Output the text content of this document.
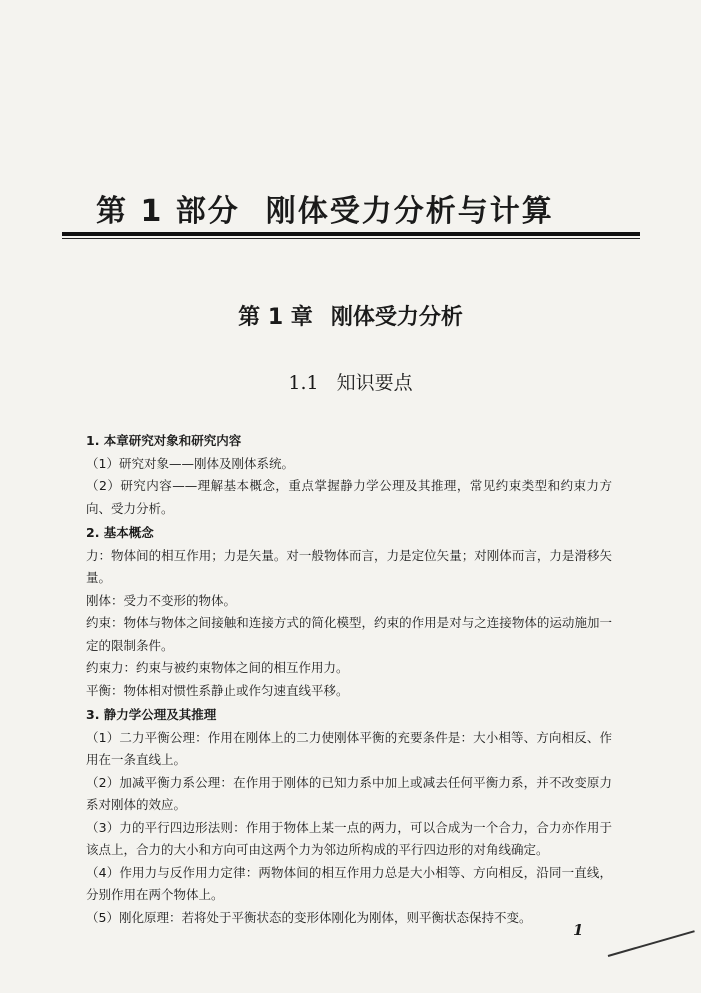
第 1 部分 刚体受力分析与计算
第 1 章 刚体受力分析
1.1 知识要点
1. 本章研究对象和研究内容
（1）研究对象——刚体及刚体系统。
（2）研究内容——理解基本概念，重点掌握静力学公理及其推理，常见约束类型和约束力方向、受力分析。
2. 基本概念
力：物体间的相互作用；力是矢量。对一般物体而言，力是定位矢量；对刚体而言，力是滑移矢量。
刚体：受力不变形的物体。
约束：物体与物体之间接触和连接方式的简化模型，约束的作用是对与之连接物体的运动施加一定的限制条件。
约束力：约束与被约束物体之间的相互作用力。
平衡：物体相对惯性系静止或作匀速直线平移。
3. 静力学公理及其推理
（1）二力平衡公理：作用在刚体上的二力使刚体平衡的充要条件是：大小相等、方向相反、作用在一条直线上。
（2）加减平衡力系公理：在作用于刚体的已知力系中加上或减去任何平衡力系，并不改变原力系对刚体的效应。
（3）力的平行四边形法则：作用于物体上某一点的两力，可以合成为一个合力，合力亦作用于该点上，合力的大小和方向可由这两个力为邻边所构成的平行四边形的对角线确定。
（4）作用力与反作用力定律：两物体间的相互作用力总是大小相等、方向相反，沿同一直线，分别作用在两个物体上。
（5）刚化原理：若将处于平衡状态的变形体刚化为刚体，则平衡状态保持不变。
1
